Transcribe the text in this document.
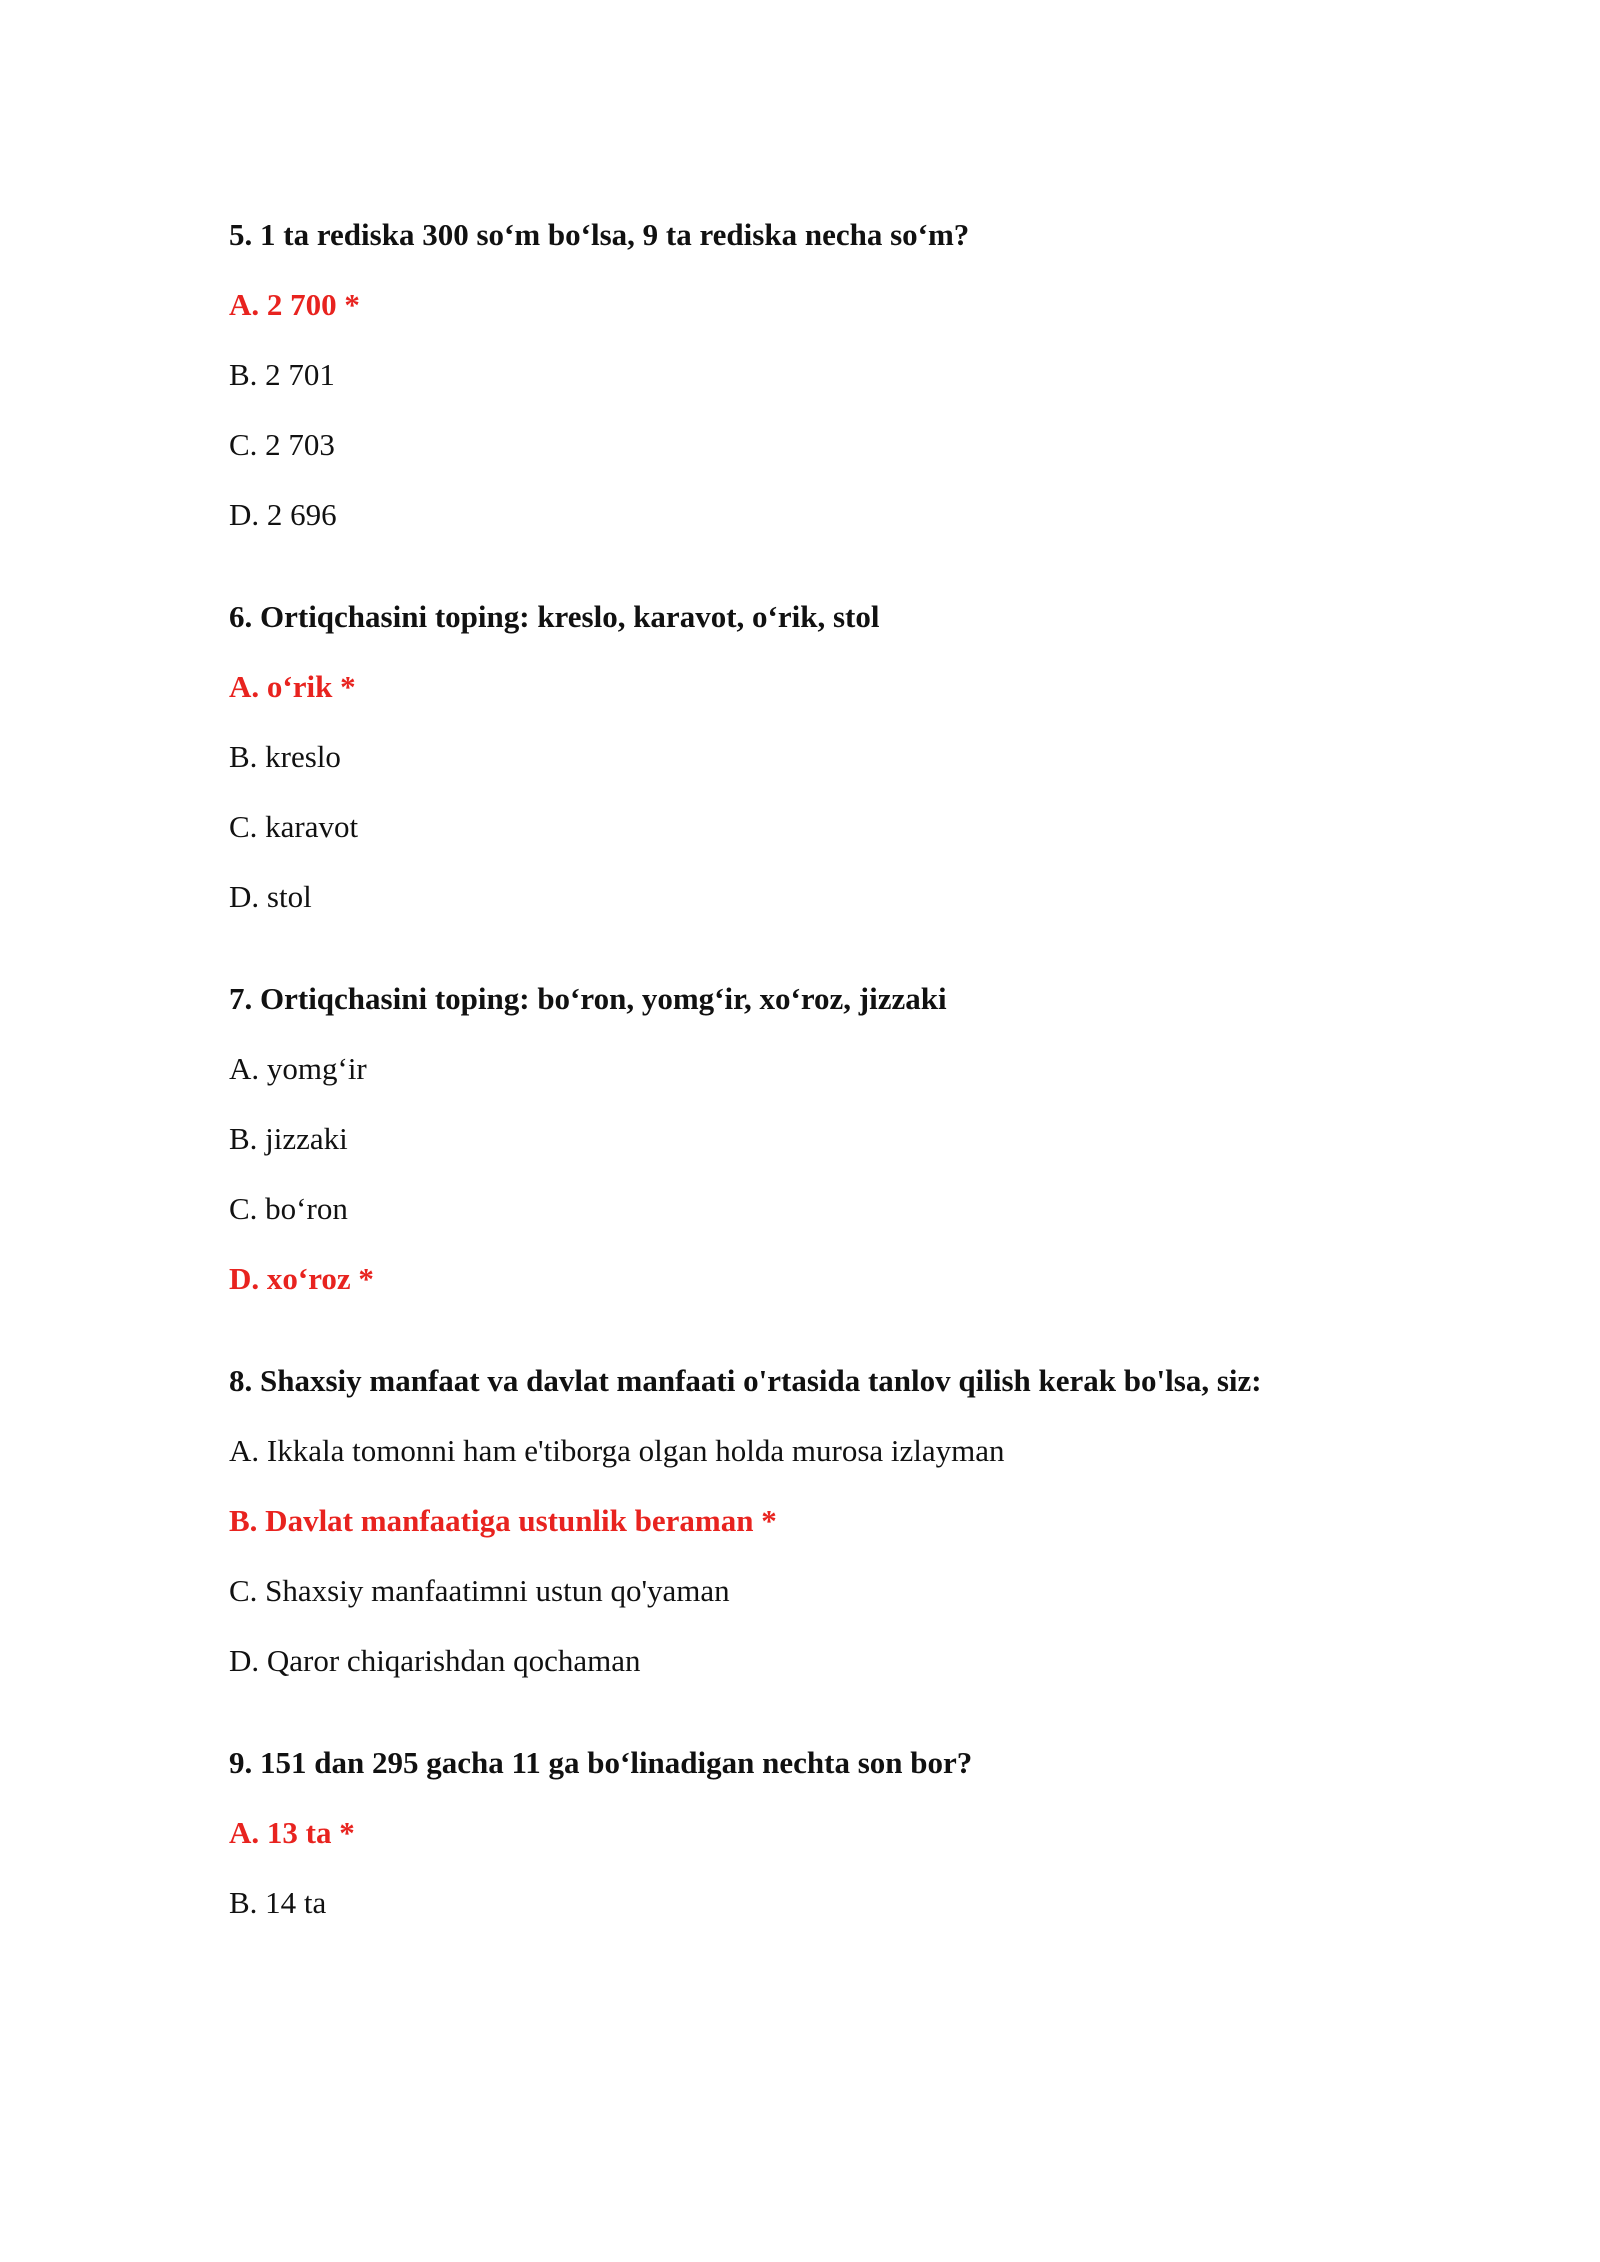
5. 1 ta rediska 300 so‘m bo‘lsa, 9 ta rediska necha so‘m?
A. 2 700 *
B. 2 701
C. 2 703
D. 2 696
6. Ortiqchasini toping: kreslo, karavot, o‘rik, stol
A. o‘rik *
B. kreslo
C. karavot
D. stol
7. Ortiqchasini toping: bo‘ron, yomg‘ir, xo‘roz, jizzaki
A. yomg‘ir
B. jizzaki
C. bo‘ron
D. xo‘roz *
8. Shaxsiy manfaat va davlat manfaati o'rtasida tanlov qilish kerak bo'lsa, siz:
A. Ikkala tomonni ham e'tiborga olgan holda murosa izlayman
B. Davlat manfaatiga ustunlik beraman *
C. Shaxsiy manfaatimni ustun qo'yaman
D. Qaror chiqarishdan qochaman
9. 151 dan 295 gacha 11 ga bo‘linadigan nechta son bor?
A. 13 ta *
B. 14 ta
